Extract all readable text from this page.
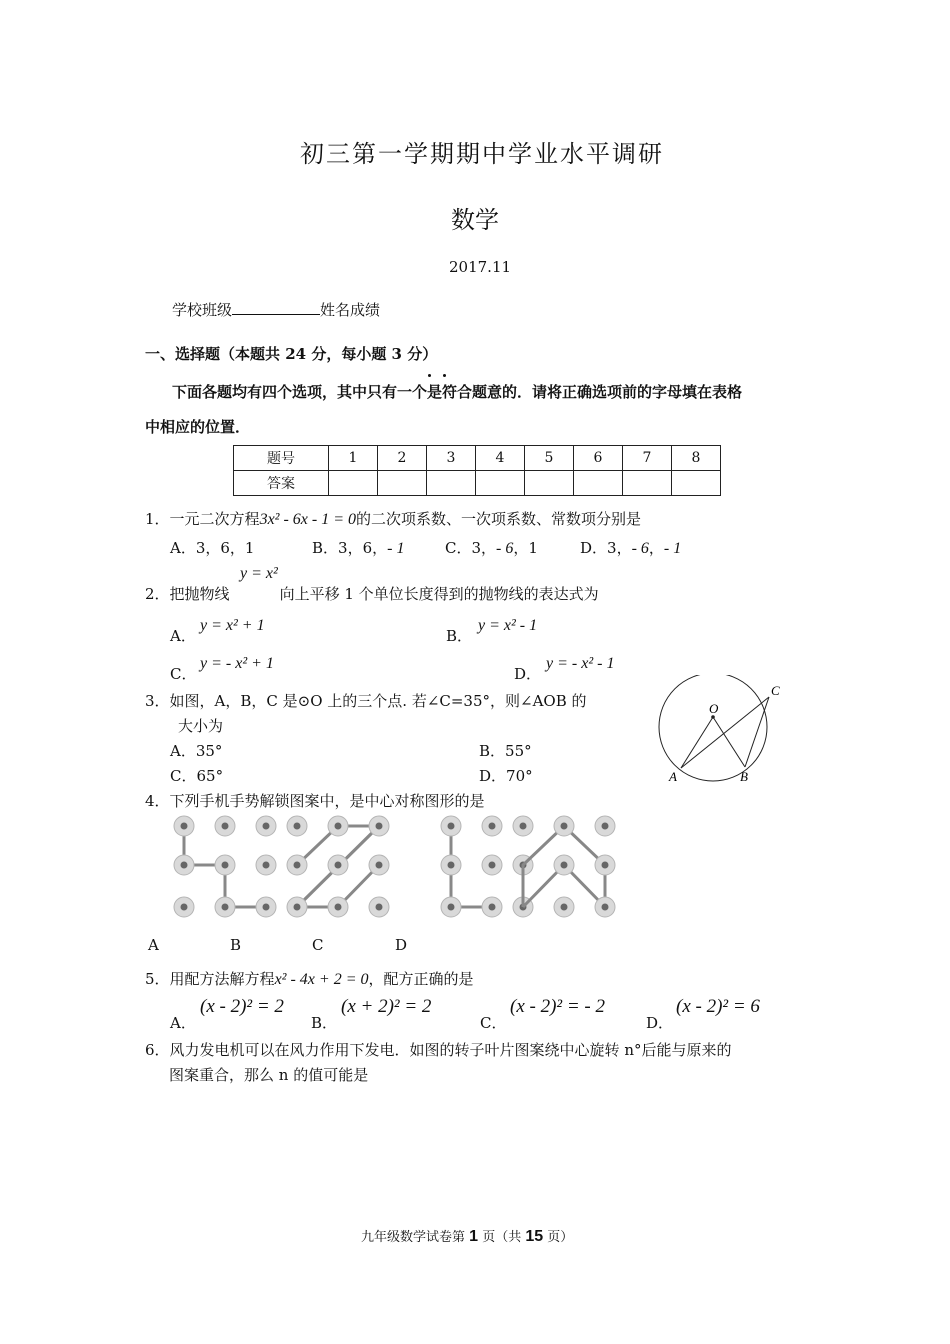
初三第一学期期中学业水平调研
数学
2017.11
学校班级	姓名成绩
一、选择题（本题共 24 分，每小题 3 分）
下面各题均有四个选项，其中只有一个是符合题意的．请将正确选项前的字母填在表格
中相应的位置．
题号	1	2	3	4	5	6	7	8
答案								
1．一元二次方程3x² - 6x - 1 = 0的二次项系数、一次项系数、常数项分别是
A．3，6，1	B．3，6，- 1	C．3，- 6，1	D．3，- 6，- 1
2．把抛物线	向上平移 1 个单位长度得到的抛物线的表达式为
y = x²
A．
y = x² + 1
B．
y = x² - 1
C．
y = - x² + 1
D．
y = - x² - 1
3．如图，A，B，C 是⊙O 上的三个点. 若∠C=35°，则∠AOB 的
大小为
A．35°	B．55°
C．65°	D．70°
O
A	B
C
4．下列手机手势解锁图案中，是中心对称图形的是
A	B	C	D
5．用配方法解方程x² - 4x + 2 = 0，配方正确的是
A．
(x - 2)² = 2
B．
(x + 2)² = 2
C．
(x - 2)² = - 2
D．
(x - 2)² = 6
6．风力发电机可以在风力作用下发电．如图的转子叶片图案绕中心旋转 n°后能与原来的
图案重合，那么 n 的值可能是
九年级数学试卷第 1 页（共 15 页）
